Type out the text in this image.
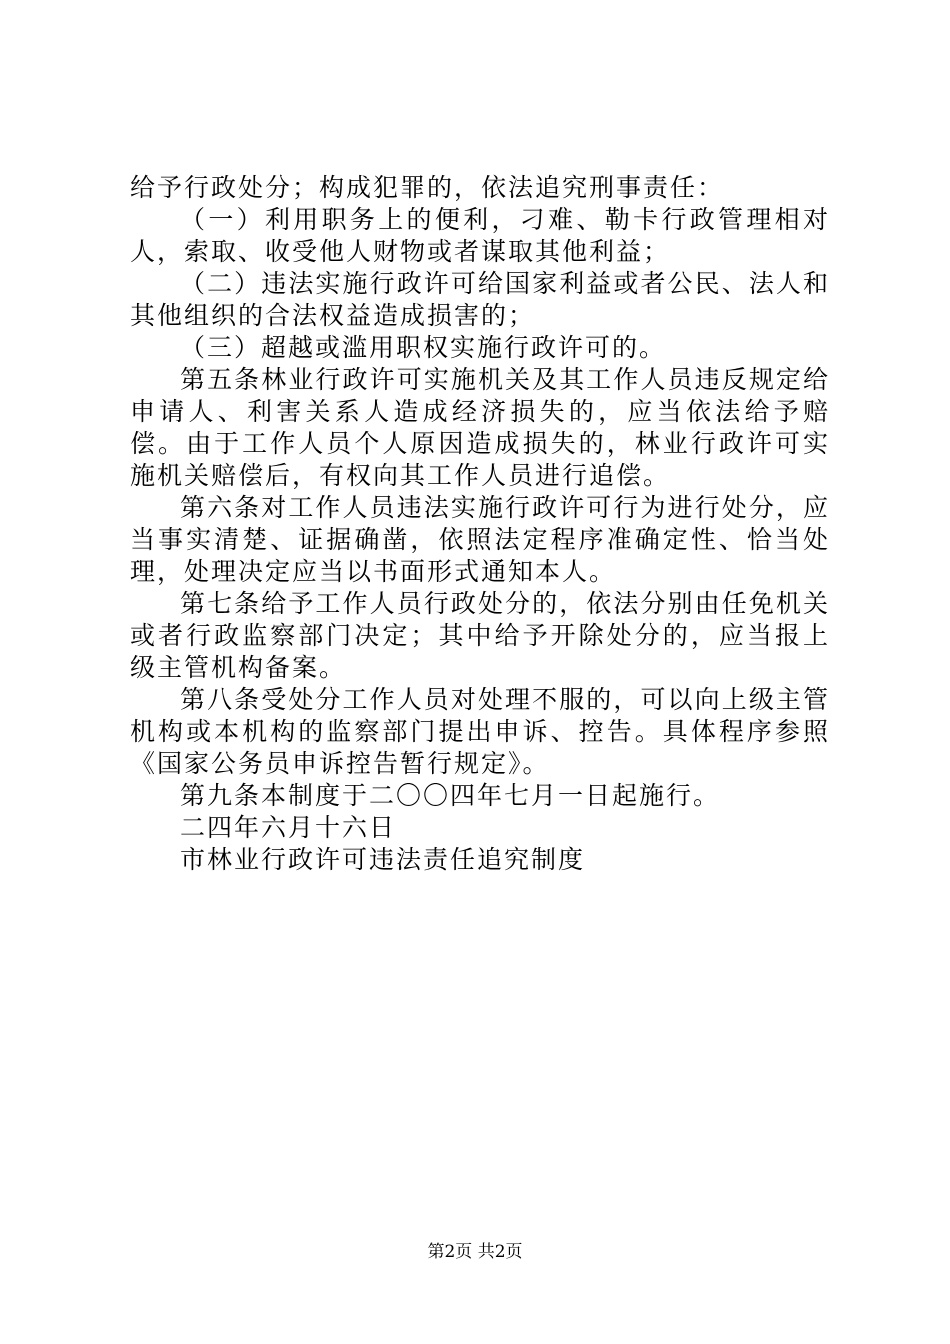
给予行政处分；构成犯罪的，依法追究刑事责任：

（一）利用职务上的便利，刁难、勒卡行政管理相对人，索取、收受他人财物或者谋取其他利益；

（二）违法实施行政许可给国家利益或者公民、法人和其他组织的合法权益造成损害的；

（三）超越或滥用职权实施行政许可的。

第五条林业行政许可实施机关及其工作人员违反规定给申请人、利害关系人造成经济损失的，应当依法给予赔偿。由于工作人员个人原因造成损失的，林业行政许可实施机关赔偿后，有权向其工作人员进行追偿。

第六条对工作人员违法实施行政许可行为进行处分，应当事实清楚、证据确凿，依照法定程序准确定性、恰当处理，处理决定应当以书面形式通知本人。

第七条给予工作人员行政处分的，依法分别由任免机关或者行政监察部门决定；其中给予开除处分的，应当报上级主管机构备案。

第八条受处分工作人员对处理不服的，可以向上级主管机构或本机构的监察部门提出申诉、控告。具体程序参照《国家公务员申诉控告暂行规定》。

第九条本制度于二〇〇四年七月一日起施行。

二四年六月十六日

市林业行政许可违法责任追究制度

第2页 共2页
